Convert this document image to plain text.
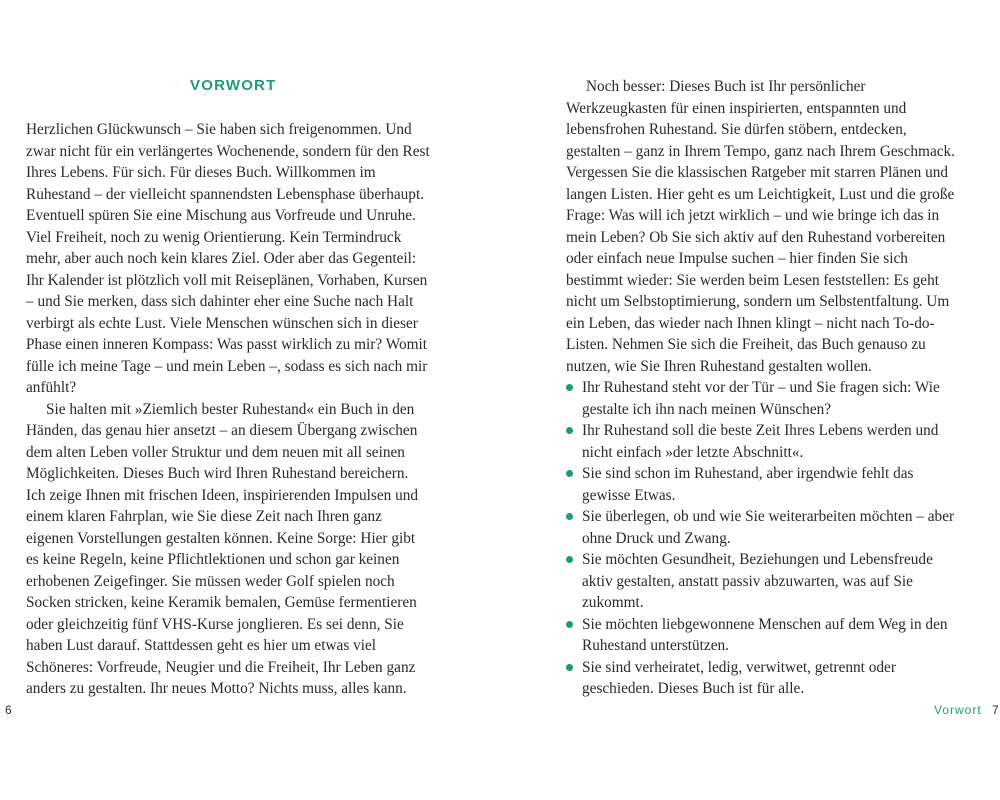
VORWORT

Herzlichen Glückwunsch – Sie haben sich freigenommen. Und zwar nicht für ein verlängertes Wochenende, sondern für den Rest Ihres Lebens. Für sich. Für dieses Buch. Willkommen im Ruhestand – der vielleicht spannendsten Lebensphase überhaupt. Eventuell spüren Sie eine Mischung aus Vorfreude und Unruhe. Viel Freiheit, noch zu wenig Orientierung. Kein Termindruck mehr, aber auch noch kein klares Ziel. Oder aber das Gegenteil: Ihr Kalender ist plötzlich voll mit Reiseplänen, Vorhaben, Kursen – und Sie merken, dass sich dahinter eher eine Suche nach Halt verbirgt als echte Lust. Viele Menschen wünschen sich in dieser Phase einen inneren Kompass: Was passt wirklich zu mir? Womit fülle ich meine Tage – und mein Leben –, sodass es sich nach mir anfühlt?

Sie halten mit »Ziemlich bester Ruhestand« ein Buch in den Händen, das genau hier ansetzt – an diesem Übergang zwischen dem alten Leben voller Struktur und dem neuen mit all seinen Möglichkeiten. Dieses Buch wird Ihren Ruhestand bereichern. Ich zeige Ihnen mit frischen Ideen, inspirierenden Impulsen und einem klaren Fahrplan, wie Sie diese Zeit nach Ihren ganz eigenen Vorstellungen gestalten können. Keine Sorge: Hier gibt es keine Regeln, keine Pflichtlektionen und schon gar keinen erhobenen Zeigefinger. Sie müssen weder Golf spielen noch Socken stricken, keine Keramik bemalen, Gemüse fermentieren oder gleichzeitig fünf VHS-Kurse jonglieren. Es sei denn, Sie haben Lust darauf. Stattdessen geht es hier um etwas viel Schöneres: Vorfreude, Neugier und die Freiheit, Ihr Leben ganz anders zu gestalten. Ihr neues Motto? Nichts muss, alles kann.

6

Noch besser: Dieses Buch ist Ihr persönlicher Werkzeugkasten für einen inspirierten, entspannten und lebensfrohen Ruhestand. Sie dürfen stöbern, entdecken, gestalten – ganz in Ihrem Tempo, ganz nach Ihrem Geschmack. Vergessen Sie die klassischen Ratgeber mit starren Plänen und langen Listen. Hier geht es um Leichtigkeit, Lust und die große Frage: Was will ich jetzt wirklich – und wie bringe ich das in mein Leben? Ob Sie sich aktiv auf den Ruhestand vorbereiten oder einfach neue Impulse suchen – hier finden Sie sich bestimmt wieder: Sie werden beim Lesen feststellen: Es geht nicht um Selbstoptimierung, sondern um Selbstentfaltung. Um ein Leben, das wieder nach Ihnen klingt – nicht nach To-do-Listen. Nehmen Sie sich die Freiheit, das Buch genauso zu nutzen, wie Sie Ihren Ruhestand gestalten wollen.

Ihr Ruhestand steht vor der Tür – und Sie fragen sich: Wie gestalte ich ihn nach meinen Wünschen?
Ihr Ruhestand soll die beste Zeit Ihres Lebens werden und nicht einfach »der letzte Abschnitt«.
Sie sind schon im Ruhestand, aber irgendwie fehlt das gewisse Etwas.
Sie überlegen, ob und wie Sie weiterarbeiten möchten – aber ohne Druck und Zwang.
Sie möchten Gesundheit, Beziehungen und Lebensfreude aktiv gestalten, anstatt passiv abzuwarten, was auf Sie zukommt.
Sie möchten liebgewonnene Menschen auf dem Weg in den Ruhestand unterstützen.
Sie sind verheiratet, ledig, verwitwet, getrennt oder geschieden. Dieses Buch ist für alle.
Vorwort 7
